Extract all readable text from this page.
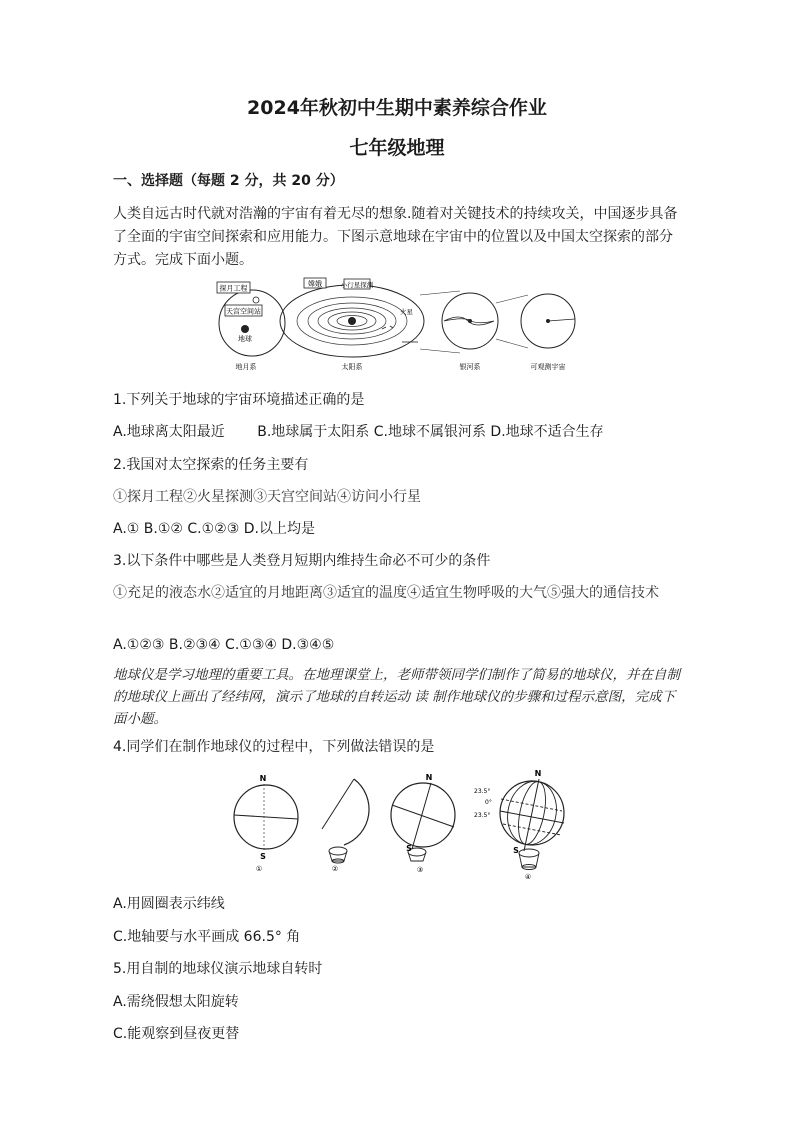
2024年秋初中生期中素养综合作业
七年级地理
一、选择题（每题 2 分，共 20 分）
人类自远古时代就对浩瀚的宇宙有着无尽的想象.随着对关键技术的持续攻关，中国逐步具备了全面的宇宙空间探索和应用能力。下图示意地球在宇宙中的位置以及中国太空探索的部分方式。完成下面小题。
探月工程
天宫空间站
地球
嫦娥	小行星探测
火星
地月系	太阳系	银河系	可观测宇宙
1.下列关于地球的宇宙环境描述正确的是
A.地球离太阳最近　　 B.地球属于太阳系 C.地球不属银河系 D.地球不适合生存
2.我国对太空探索的任务主要有
①探月工程②火星探测③天宫空间站④访问小行星
A.① B.①② C.①②③ D.以上均是
3.以下条件中哪些是人类登月短期内维持生命必不可少的条件
①充足的液态水②适宜的月地距离③适宜的温度④适宜生物呼吸的大气⑤强大的通信技术
A.①②③ B.②③④ C.①③④ D.③④⑤
地球仪是学习地理的重要工具。在地理课堂上，老师带领同学们制作了简易的地球仪，并在自制的地球仪上画出了经纬网，演示了地球的自转运动 读 制作地球仪的步骤和过程示意图，完成下面小题。
4.同学们在制作地球仪的过程中，下列做法错误的是
N
S
①	②
N
S
③
N
23.5°
0°
23.5°
S
④
A.用圆圈表示纬线
C.地轴要与水平画成 66.5° 角
5.用自制的地球仪演示地球自转时
A.需绕假想太阳旋转
C.能观察到昼夜更替
